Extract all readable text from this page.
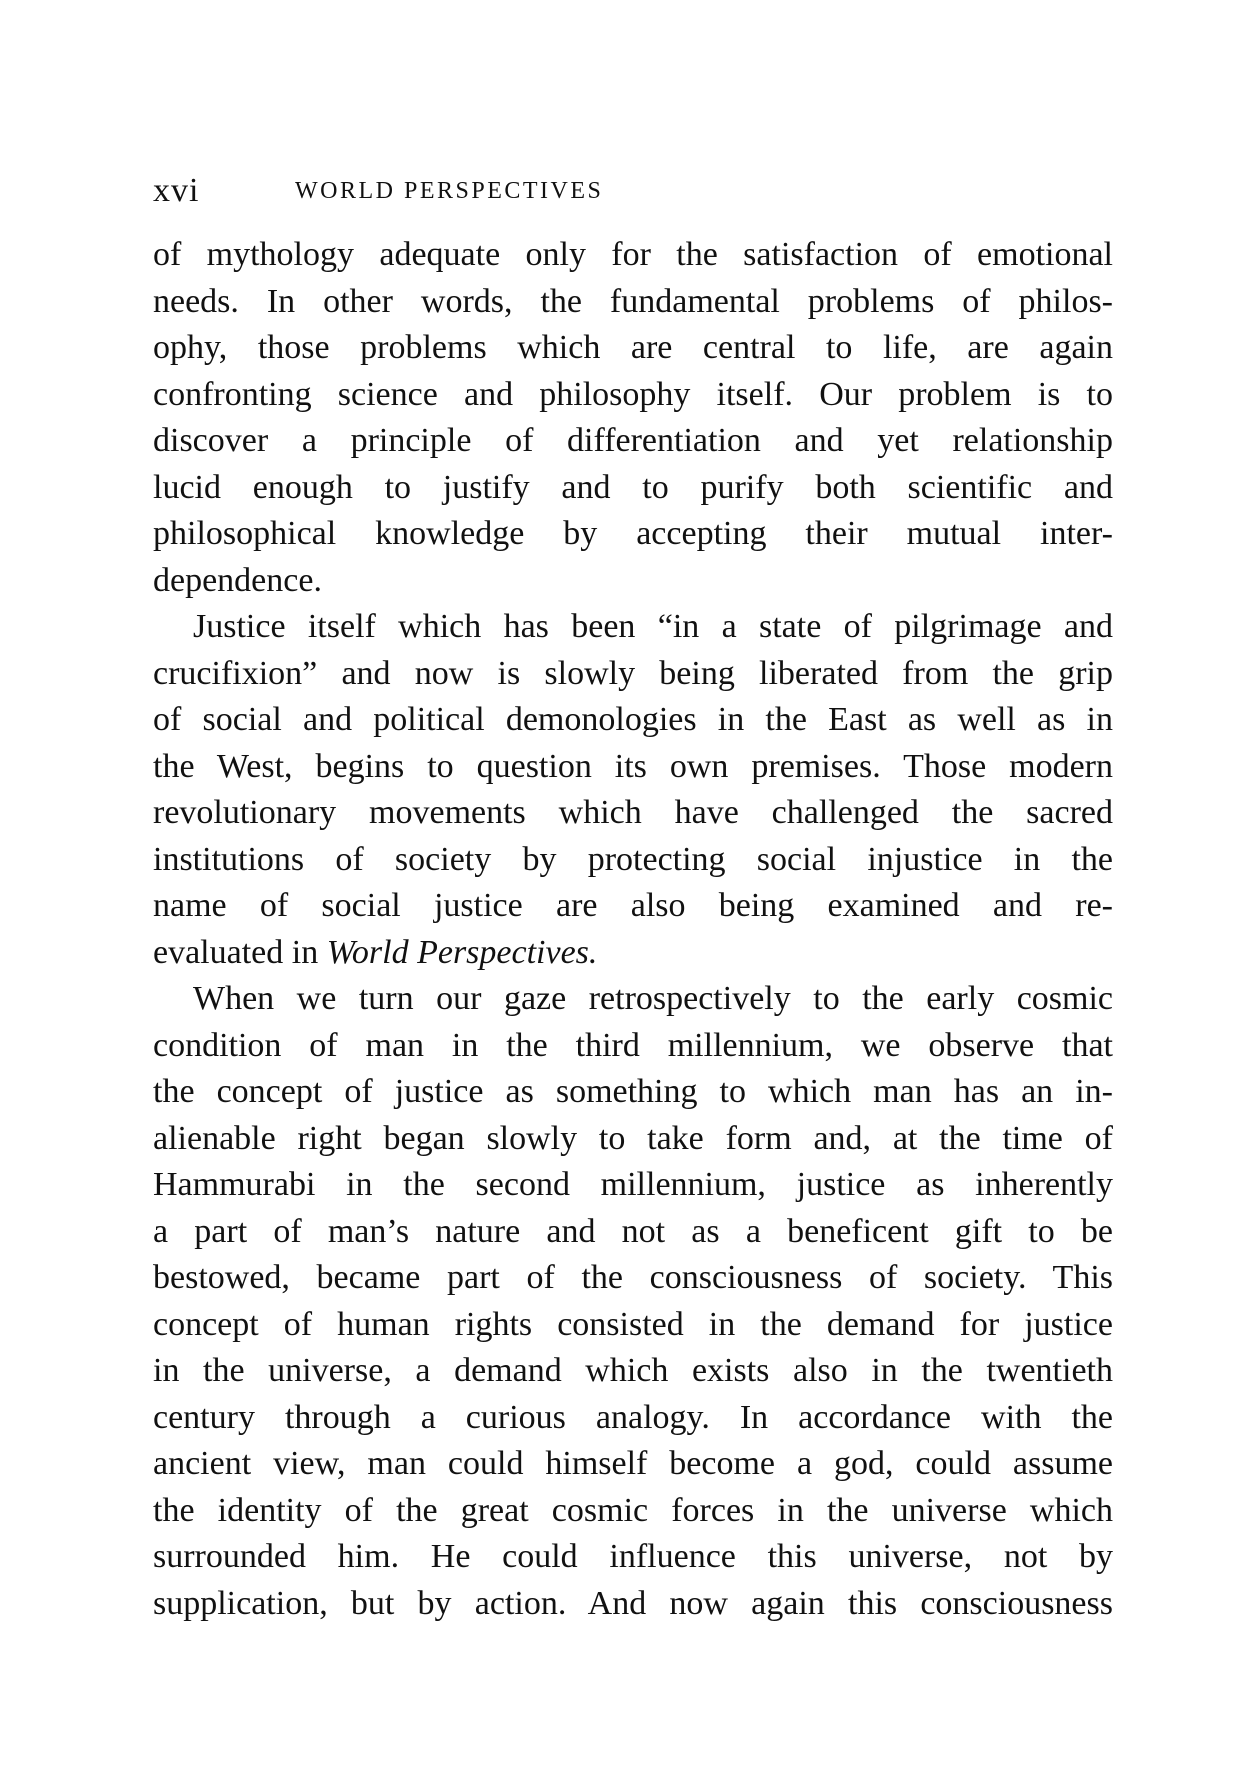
xvi	WORLD PERSPECTIVES
of mythology adequate only for the satisfaction of emotional
needs. In other words, the fundamental problems of philos-
ophy, those problems which are central to life, are again
confronting science and philosophy itself. Our problem is to
discover a principle of differentiation and yet relationship
lucid enough to justify and to purify both scientific and
philosophical knowledge by accepting their mutual inter-
dependence.
Justice itself which has been “in a state of pilgrimage and
crucifixion” and now is slowly being liberated from the grip
of social and political demonologies in the East as well as in
the West, begins to question its own premises. Those modern
revolutionary movements which have challenged the sacred
institutions of society by protecting social injustice in the
name of social justice are also being examined and re-
evaluated in World Perspectives.
When we turn our gaze retrospectively to the early cosmic
condition of man in the third millennium, we observe that
the concept of justice as something to which man has an in-
alienable right began slowly to take form and, at the time of
Hammurabi in the second millennium, justice as inherently
a part of man’s nature and not as a beneficent gift to be
bestowed, became part of the consciousness of society. This
concept of human rights consisted in the demand for justice
in the universe, a demand which exists also in the twentieth
century through a curious analogy. In accordance with the
ancient view, man could himself become a god, could assume
the identity of the great cosmic forces in the universe which
surrounded him. He could influence this universe, not by
supplication, but by action. And now again this consciousness
